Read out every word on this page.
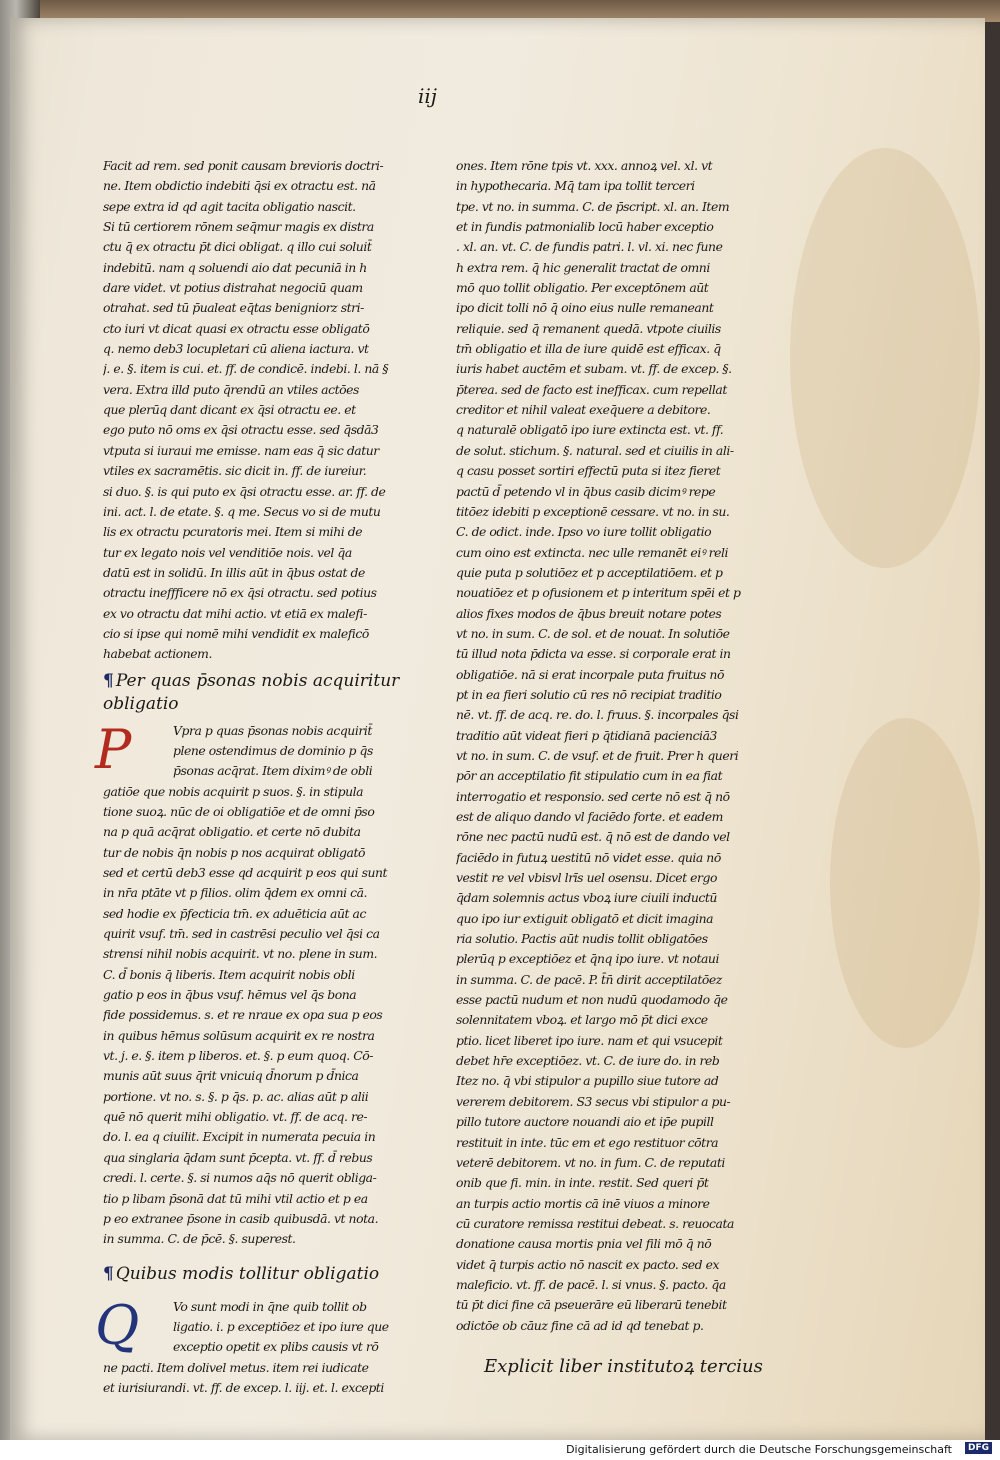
iij
Facit ad rem. sed ponit causam brevioris doctri-
ne. Item obdictio indebiti q̄si ex otractu est. nā
sepe extra id qd agit tacita obligatio nascit.
Si tū certiorem rōnem seq̄mur magis ex distra
ctu q̄ ex otractu p̄t dici obligat. q illo cui soluit̄
indebitū. nam q soluendi aio dat pecuniā in h
dare videt. vt potius distrahat negociū quam
otrahat. sed tū p̄ualeat eq̄tas benigniorz stri-
cto iuri vt dicat quasi ex otractu esse obligatō
q. nemo deb3 locupletari cū aliena iactura. vt
j. e. §. item is cui. et. ff. de condicē. indebi. l. nā §
vera. Extra illd puto q̄rendū an vtiles actōes
que plerūq dant dicant ex q̄si otractu ee. et
ego puto nō oms ex q̄si otractu esse. sed q̄sdā3
vtputa si iuraui me emisse. nam eas q̄ sic datur
vtiles ex sacramētis. sic dicit in. ff. de iureiur.
si duo. §. is qui puto ex q̄si otractu esse. ar. ff. de
ini. act. l. de etate. §. q me. Secus vo si de mutu
lis ex otractu pcuratoris mei. Item si mihi de
tur ex legato nois vel venditiōe nois. vel q̄a
datū est in solidū. In illis aūt in q̄bus ostat de
otractu ineffficere nō ex q̄si otractu. sed potius
ex vo otractu dat mihi actio. vt etiā ex malefi-
cio si ipse qui nomē mihi vendidit ex maleficō
habebat actionem.
¶ Per quas p̄sonas nobis acquiritur
obligatio
P	Vpra p quas p̄sonas nobis acquirit̄
plene ostendimus de dominio p q̄s
p̄sonas acq̄rat. Item diximꝰ de obli
gatiōe que nobis acquirit p suos. §. in stipula
tione suoꝝ. nūc de oi obligatiōe et de omni p̄so
na p quā acq̄rat obligatio. et certe nō dubita
tur de nobis q̄n nobis p nos acquirat obligatō
sed et certū deb3 esse qd acquirit p eos qui sunt
in nr̄a ptāte vt p filios. olim q̄dem ex omni cā.
sed hodie ex p̄fecticia tm̄. ex aduēticia aūt ac
quirit vsuf. tm̄. sed in castrēsi peculio vel q̄si ca
strensi nihil nobis acquirit. vt no. plene in sum.
C. d̄ bonis q̄ liberis. Item acquirit nobis obli
gatio p eos in q̄bus vsuf. hēmus vel q̄s bona
fide possidemus. s. et re nraue ex opa sua p eos
in quibus hēmus solūsum acquirit ex re nostra
vt. j. e. §. item p liberos. et. §. p eum quoq. Cō-
munis aūt suus q̄rit vnicuiq d̄norum p d̄nica
portione. vt no. s. §. p q̄s. p. ac. alias aūt p alii
quē nō querit mihi obligatio. vt. ff. de acq. re-
do. l. ea q ciuilit. Excipit in numerata pecuia in
qua singlaria q̄dam sunt p̄cepta. vt. ff. d̄ rebus
credi. l. certe. §. si numos aq̄s nō querit obliga-
tio p libam p̄sonā dat tū mihi vtil actio et p ea
p eo extranee p̄sone in casib quibusdā. vt nota.
in summa. C. de p̄cē. §. superest.
¶ Quibus modis tollitur obligatio
Q	Vo sunt modi in q̄ne quib tollit ob
ligatio. i. p exceptiōez et ipo iure que
exceptio opetit ex plibs causis vt rō
ne pacti. Item dolivel metus. item rei iudicate
et iurisiurandi. vt. ff. de excep. l. iij. et. l. excepti
ones. Item rōne tpis vt. xxx. annoꝝ vel. xl. vt
in hypothecaria. Mq̄ tam ipa tollit terceri
tpe. vt no. in summa. C. de p̄script. xl. an. Item
et in fundis patmonialib locū haber exceptio
. xl. an. vt. C. de fundis patri. l. vl. xi. nec fune
h extra rem. q̄ hic generalit tractat de omni
mō quo tollit obligatio. Per exceptōnem aūt
ipo dicit tolli nō q̄ oino eius nulle remaneant
reliquie. sed q̄ remanent quedā. vtpote ciuilis
tm̄ obligatio et illa de iure quidē est efficax. q̄
iuris habet auctēm et subam. vt. ff. de excep. §.
p̄terea. sed de facto est inefficax. cum repellat
creditor et nihil valeat exeq̄uere a debitore.
q naturalē obligatō ipo iure extincta est. vt. ff.
de solut. stichum. §. natural. sed et ciuilis in ali-
q casu posset sortiri effectū puta si itez fieret
pactū d̄ petendo vl in q̄bus casib dicimꝰ repe
titōez idebiti p exceptionē cessare. vt no. in su.
C. de odict. inde. Ipso vo iure tollit obligatio
cum oino est extincta. nec ulle remanēt eiꝰ reli
quie puta p solutiōez et p acceptilatiōem. et p
nouatiōez et p ofusionem et p interitum spēi et p
alios fixes modos de q̄bus breuit notare potes
vt no. in sum. C. de sol. et de nouat. In solutiōe
tū illud nota p̄dicta va esse. si corporale erat in
obligatiōe. nā si erat incorpale puta fruitus nō
pt in ea fieri solutio cū res nō recipiat traditio
nē. vt. ff. de acq. re. do. l. fruus. §. incorpales q̄si
traditio aūt videat fieri p q̄tidianā pacienciā3
vt no. in sum. C. de vsuf. et de fruit. Prer h queri
pōr an acceptilatio fit stipulatio cum in ea fiat
interrogatio et responsio. sed certe nō est q̄ nō
est de aliquo dando vl faciēdo forte. et eadem
rōne nec pactū nudū est. q̄ nō est de dando vel
faciēdo in futuꝝ uestitū nō videt esse. quia nō
vestit re vel vbisvl lrīs uel osensu. Dicet ergo
q̄dam solemnis actus vboꝝ iure ciuili inductū
quo ipo iur extiguit obligatō et dicit imagina
ria solutio. Pactis aūt nudis tollit obligatōes
plerūq p exceptiōez et q̄nq ipo iure. vt notaui
in summa. C. de pacē. P. t̄n̄ dirit acceptilatōez
esse pactū nudum et non nudū quodamodo q̄e
solennitatem vboꝝ. et largo mō p̄t dici exce
ptio. licet liberet ipo iure. nam et qui vsucepit
debet hr̄e exceptiōez. vt. C. de iure do. in reb
Itez no. q̄ vbi stipulor a pupillo siue tutore ad
vererem debitorem. S3 secus vbi stipulor a pu-
pillo tutore auctore nouandi aio et ip̄e pupill
restituit in inte. tūc em et ego restituor cōtra
veterē debitorem. vt no. in fum. C. de reputati
onib que fi. min. in inte. restit. Sed queri p̄t
an turpis actio mortis cā inē viuos a minore
cū curatore remissa restitui debeat. s. reuocata
donatione causa mortis pnia vel fili mō q̄ nō
videt q̄ turpis actio nō nascit ex pacto. sed ex
maleficio. vt. ff. de pacē. l. si vnus. §. pacto. q̄a
tū p̄t dici fine cā pseuerāre eū liberarū tenebit
odictōe ob cāuz fine cā ad id qd tenebat p.
Explicit liber institutoꝝ tercius
Digitalisierung gefördert durch die Deutsche Forschungsgemeinschaft	DFG
